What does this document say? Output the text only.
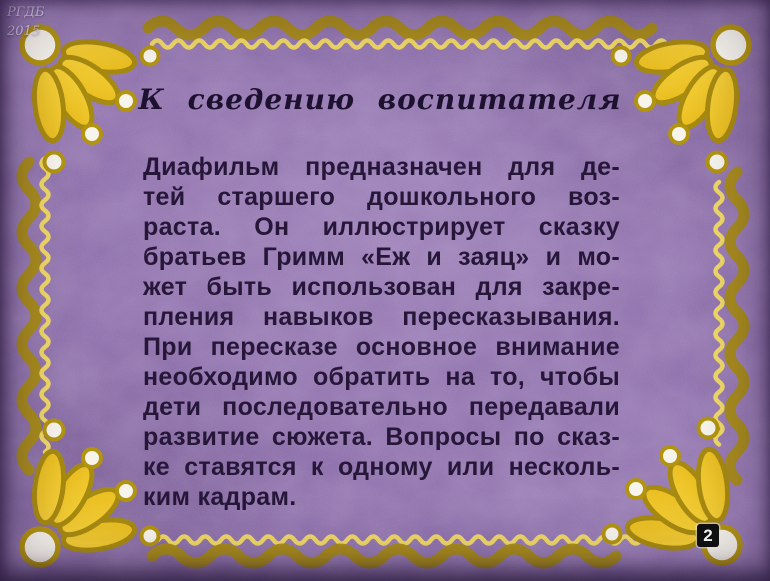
РГДБ
2015
К сведению воспитателя
Диафильм предназначен для де-
тей старшего дошкольного воз-
раста. Он иллюстрирует сказку
братьев Гримм «Еж и заяц» и мо-
жет быть использован для закре-
пления навыков пересказывания.
При пересказе основное внимание
необходимо обратить на то, чтобы
дети последовательно передавали
развитие сюжета. Вопросы по сказ-
ке ставятся к одному или несколь-
ким кадрам.
2
